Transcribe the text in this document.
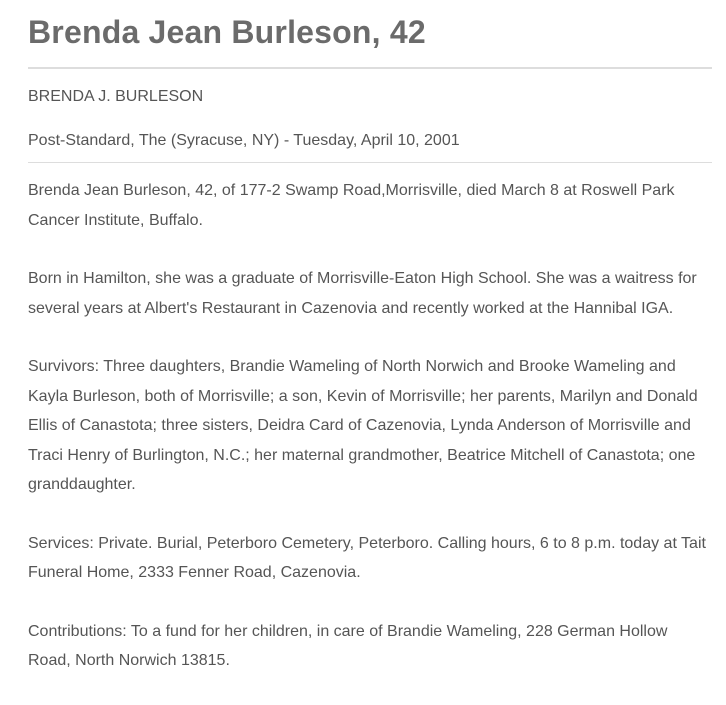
Brenda Jean Burleson, 42
BRENDA J. BURLESON
Post-Standard, The (Syracuse, NY) - Tuesday, April 10, 2001

Brenda Jean Burleson, 42, of 177-2 Swamp Road,Morrisville, died March 8 at Roswell Park Cancer Institute, Buffalo.

Born in Hamilton, she was a graduate of Morrisville-Eaton High School. She was a waitress for several years at Albert's Restaurant in Cazenovia and recently worked at the Hannibal IGA.

Survivors: Three daughters, Brandie Wameling of North Norwich and Brooke Wameling and Kayla Burleson, both of Morrisville; a son, Kevin of Morrisville; her parents, Marilyn and Donald Ellis of Canastota; three sisters, Deidra Card of Cazenovia, Lynda Anderson of Morrisville and Traci Henry of Burlington, N.C.; her maternal grandmother, Beatrice Mitchell of Canastota; one granddaughter.

Services: Private. Burial, Peterboro Cemetery, Peterboro. Calling hours, 6 to 8 p.m. today at Tait Funeral Home, 2333 Fenner Road, Cazenovia.

Contributions: To a fund for her children, in care of Brandie Wameling, 228 German Hollow Road, North Norwich 13815.
